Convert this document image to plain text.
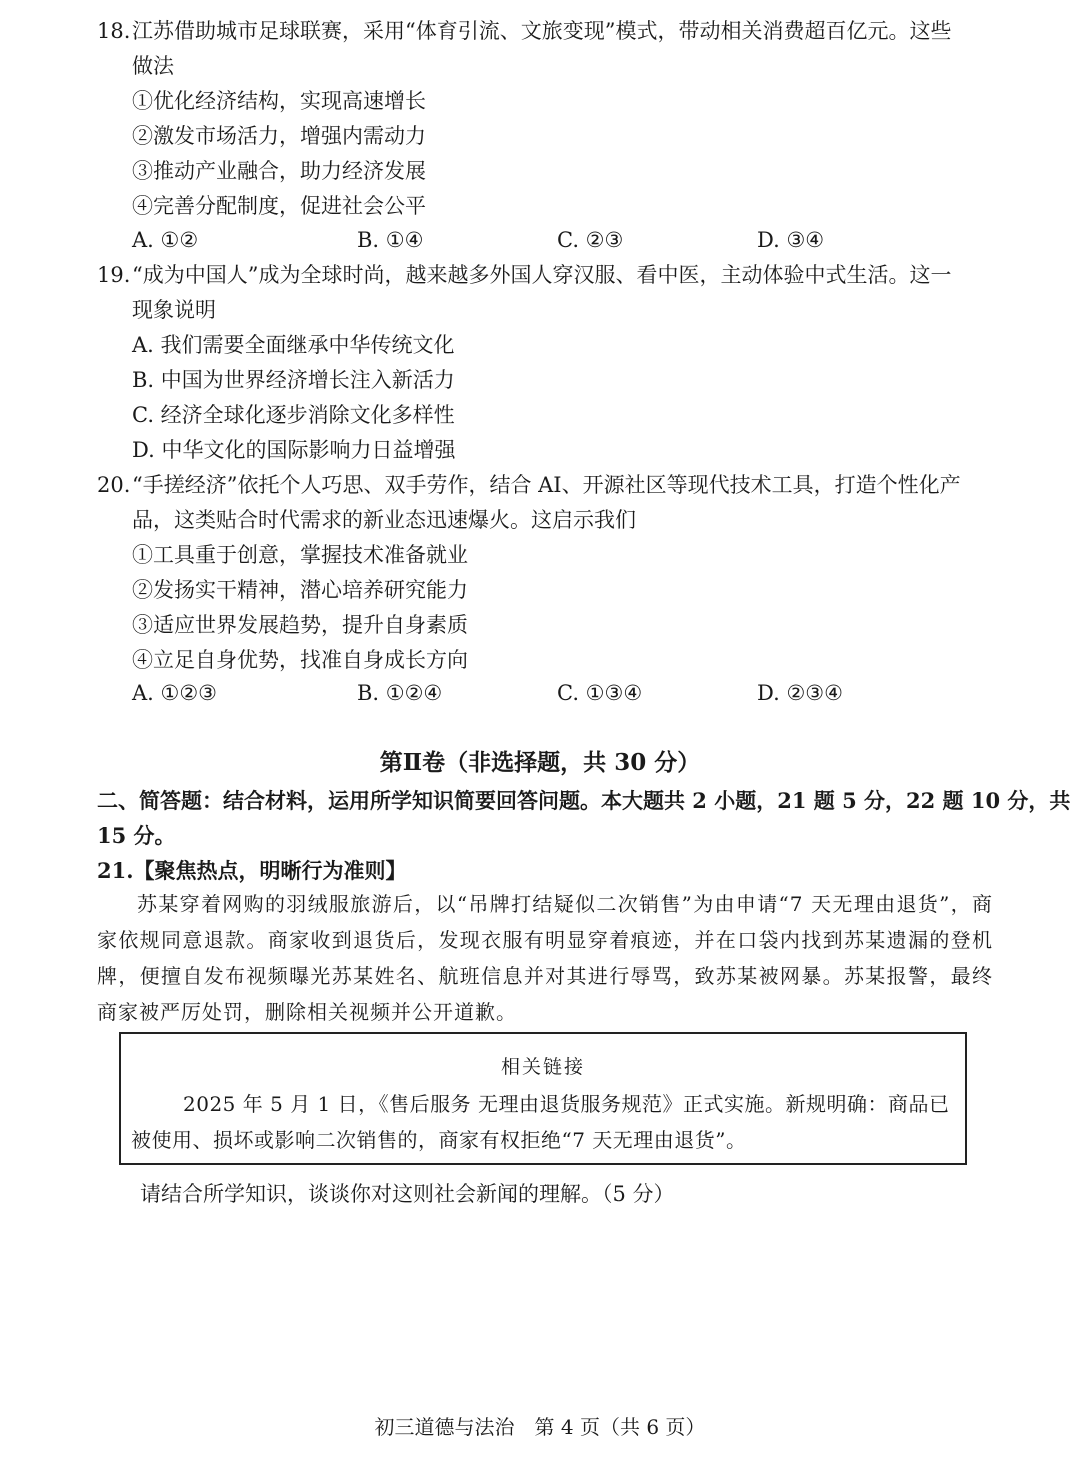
18. 江苏借助城市足球联赛，采用“体育引流、文旅变现”模式，带动相关消费超百亿元。这些
做法
①优化经济结构，实现高速增长
②激发市场活力，增强内需动力
③推动产业融合，助力经济发展
④完善分配制度，促进社会公平
A. ①②	B. ①④	C. ②③	D. ③④
19. “成为中国人”成为全球时尚，越来越多外国人穿汉服、看中医，主动体验中式生活。这一
现象说明
A. 我们需要全面继承中华传统文化
B. 中国为世界经济增长注入新活力
C. 经济全球化逐步消除文化多样性
D. 中华文化的国际影响力日益增强
20. “手搓经济”依托个人巧思、双手劳作，结合 AI、开源社区等现代技术工具，打造个性化产
品，这类贴合时代需求的新业态迅速爆火。这启示我们
①工具重于创意，掌握技术准备就业
②发扬实干精神，潜心培养研究能力
③适应世界发展趋势，提升自身素质
④立足自身优势，找准自身成长方向
A. ①②③	B. ①②④	C. ①③④	D. ②③④
第Ⅱ卷（非选择题，共 30 分）
二、简答题：结合材料，运用所学知识简要回答问题。本大题共 2 小题，21 题 5 分，22 题 10 分，共
15 分。
21.【聚焦热点，明晰行为准则】
苏某穿着网购的羽绒服旅游后，以“吊牌打结疑似二次销售”为由申请“7 天无理由退货”，商家依规同意退款。商家收到退货后，发现衣服有明显穿着痕迹，并在口袋内找到苏某遗漏的登机牌，便擅自发布视频曝光苏某姓名、航班信息并对其进行辱骂，致苏某被网暴。苏某报警，最终商家被严厉处罚，删除相关视频并公开道歉。
相关链接
2025 年 5 月 1 日，《售后服务 无理由退货服务规范》正式实施。新规明确：商品已被使用、损坏或影响二次销售的，商家有权拒绝“7 天无理由退货”。
请结合所学知识，谈谈你对这则社会新闻的理解。（5 分）
初三道德与法治　第 4 页（共 6 页）
